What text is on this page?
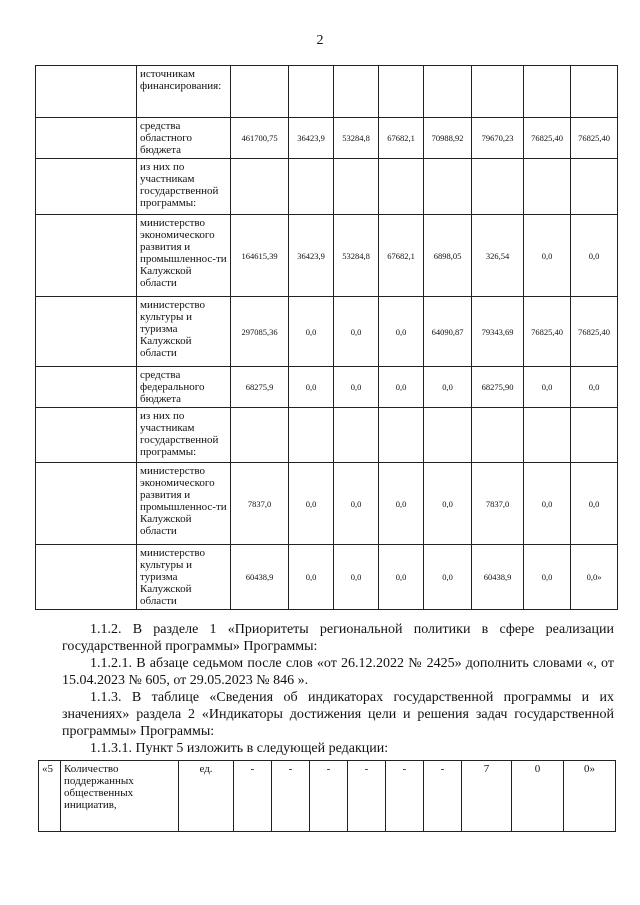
2
	источникам финансирования:								
	средства областного бюджета	461700,75	36423,9	53284,8	67682,1	70988,92	79670,23	76825,40	76825,40
	из них по участникам государственной программы:								
	министерство экономического развития и промышленнос-ти Калужской области	164615,39	36423,9	53284,8	67682,1	6898,05	326,54	0,0	0,0
	министерство культуры и туризма Калужской области	297085,36	0,0	0,0	0,0	64090,87	79343,69	76825,40	76825,40
	средства федерального бюджета	68275,9	0,0	0,0	0,0	0,0	68275,90	0,0	0,0
	из них по участникам государственной программы:								
	министерство экономического развития и промышленнос-ти Калужской области	7837,0	0,0	0,0	0,0	0,0	7837,0	0,0	0,0
	министерство культуры и туризма Калужской области	60438,9	0,0	0,0	0,0	0,0	60438,9	0,0	0,0»
1.1.2. В разделе 1 «Приоритеты региональной политики в сфере реализации государственной программы» Программы:
1.1.2.1. В абзаце седьмом после слов «от 26.12.2022 № 2425» дополнить словами «, от 15.04.2023 № 605, от 29.05.2023 № 846 ».
1.1.3. В таблице «Сведения об индикаторах государственной программы и их значениях» раздела 2 «Индикаторы достижения цели и решения задач государственной программы» Программы:
1.1.3.1. Пункт 5 изложить в следующей редакции:
«5	Количество поддержанных общественных инициатив,	ед.	-	-	-	-	-	-	7	0	0»
